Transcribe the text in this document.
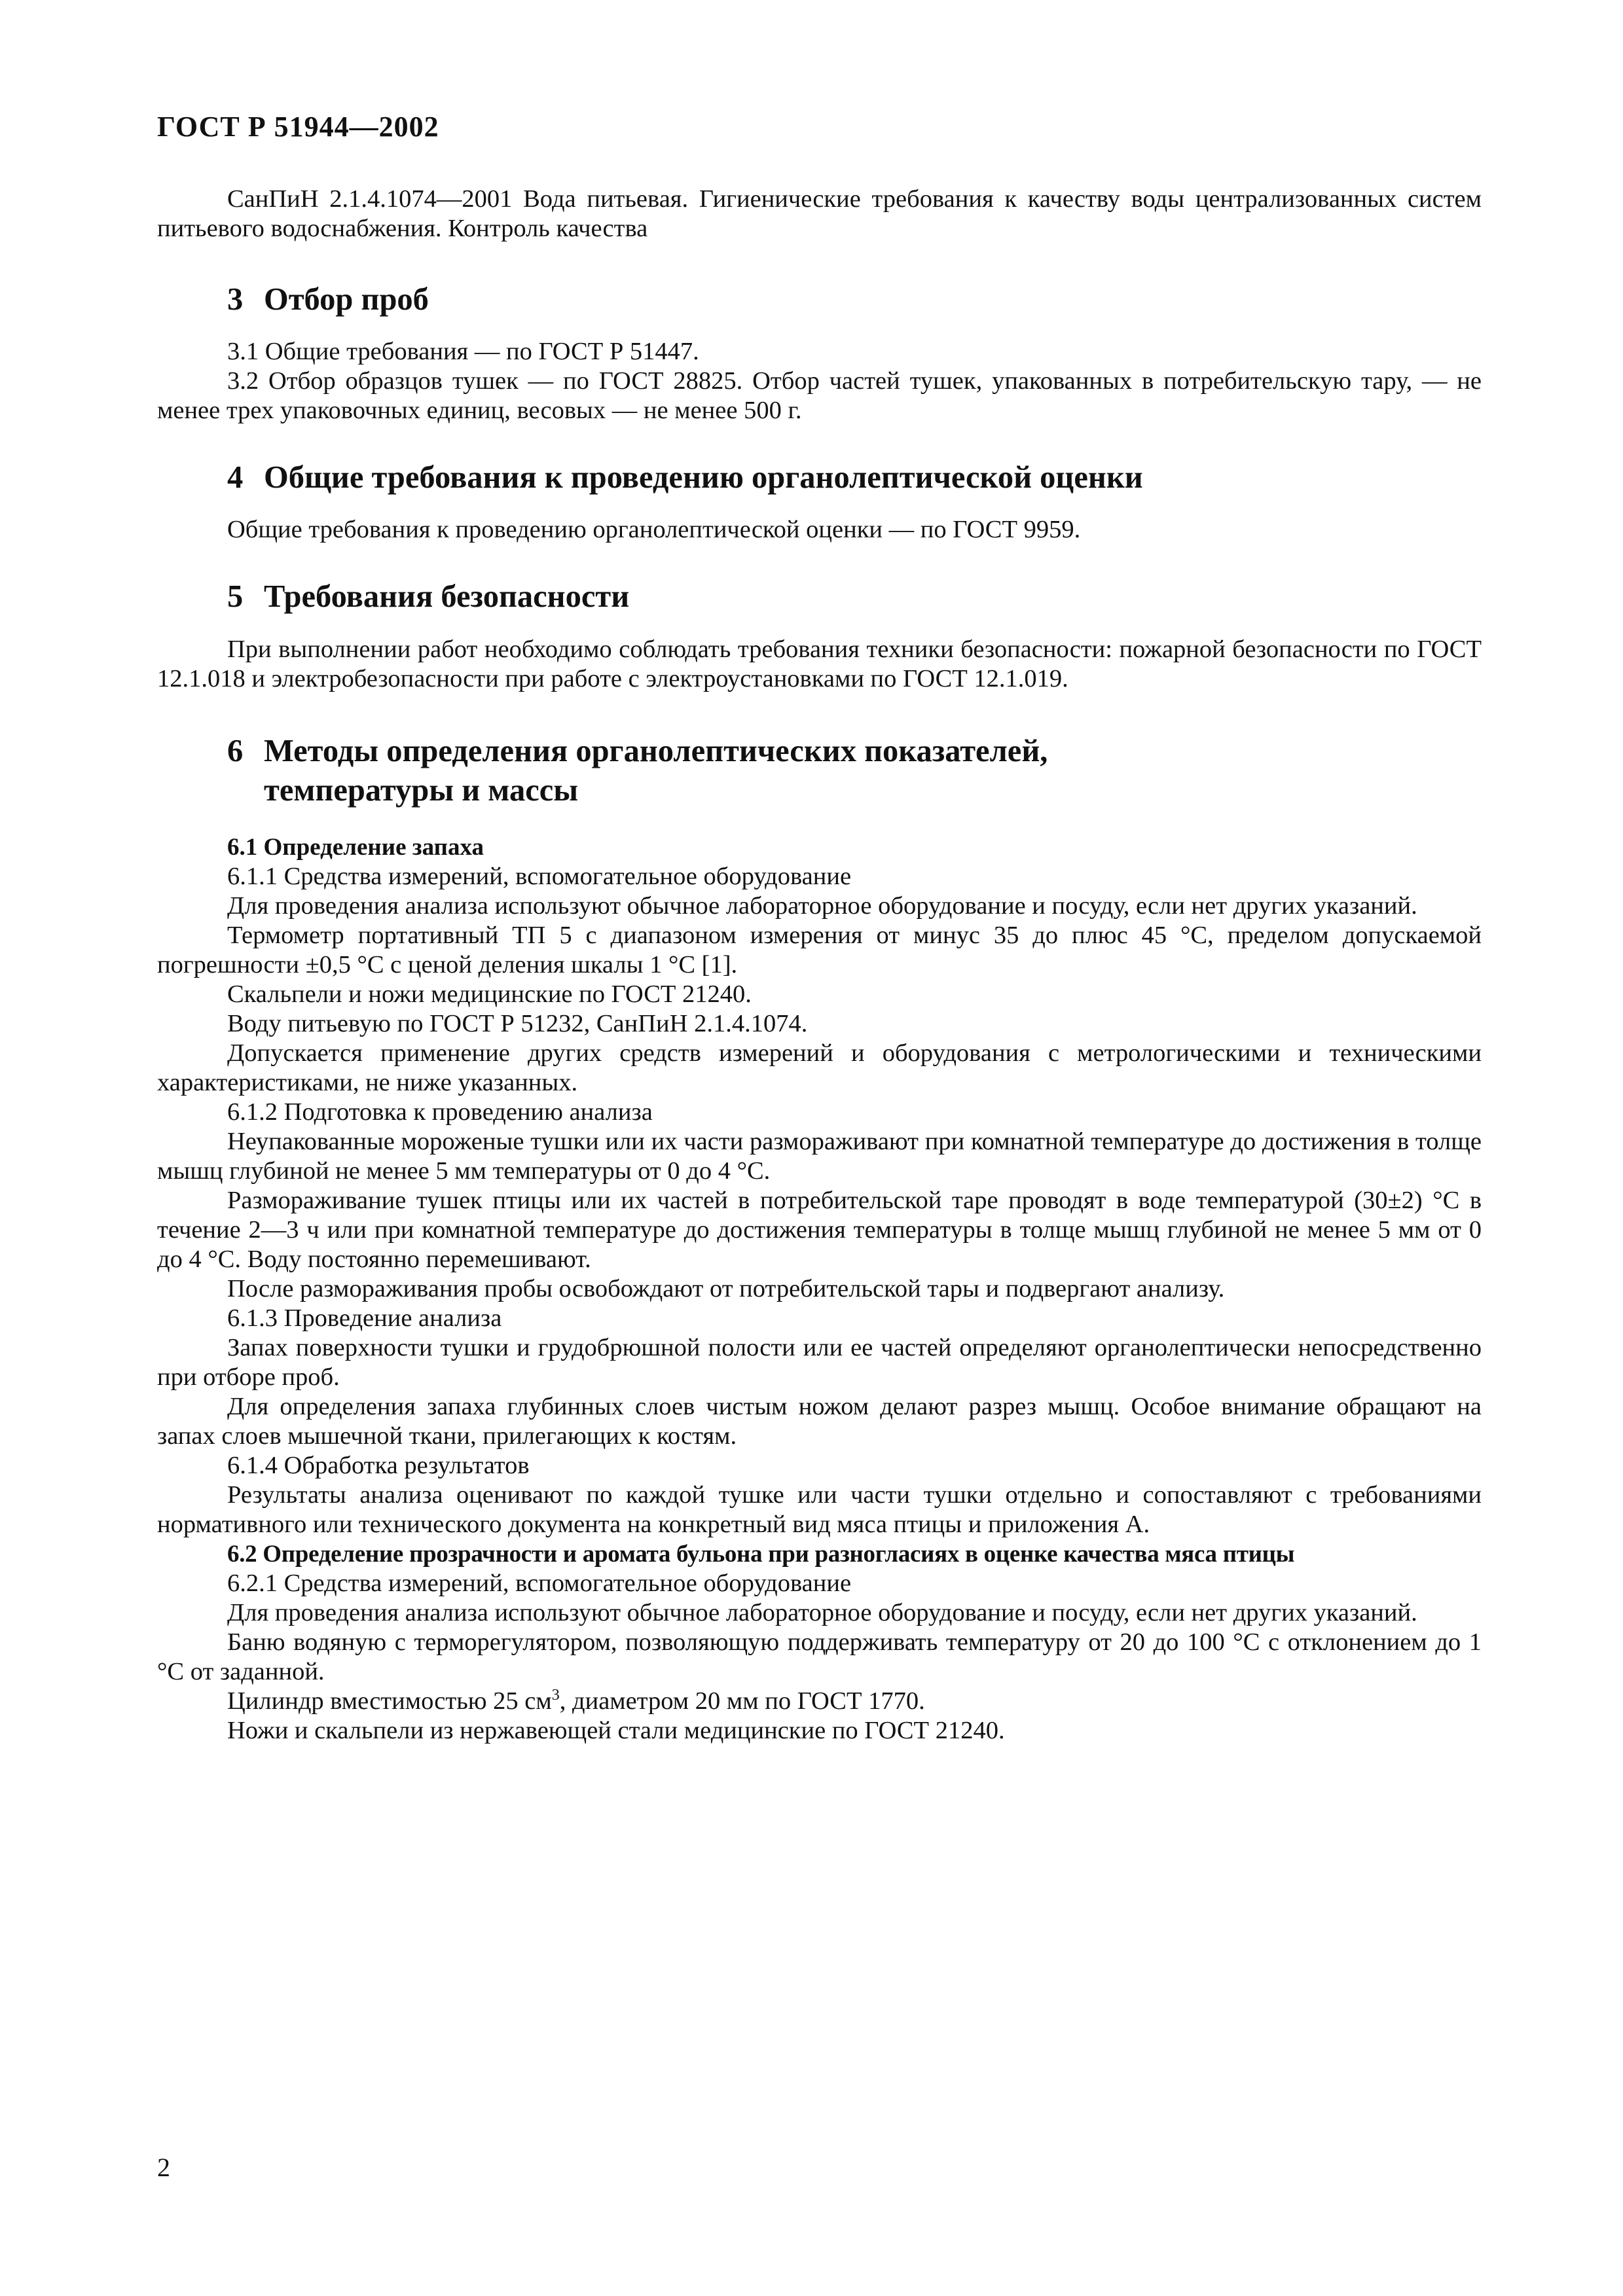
ГОСТ Р 51944—2002

СанПиН 2.1.4.1074—2001 Вода питьевая. Гигиенические требования к качеству воды централизованных систем питьевого водоснабжения. Контроль качества

3 Отбор проб

3.1 Общие требования — по ГОСТ Р 51447.

3.2 Отбор образцов тушек — по ГОСТ 28825. Отбор частей тушек, упакованных в потребительскую тару, — не менее трех упаковочных единиц, весовых — не менее 500 г.

4 Общие требования к проведению органолептической оценки

Общие требования к проведению органолептической оценки — по ГОСТ 9959.

5 Требования безопасности

При выполнении работ необходимо соблюдать требования техники безопасности: пожарной безопасности по ГОСТ 12.1.018 и электробезопасности при работе с электроустановками по ГОСТ 12.1.019.

6 Методы определения органолептических показателей,
температуры и массы
6.1 Определение запаха

6.1.1 Средства измерений, вспомогательное оборудование

Для проведения анализа используют обычное лабораторное оборудование и посуду, если нет других указаний.

Термометр портативный ТП 5 с диапазоном измерения от минус 35 до плюс 45 °С, пределом допускаемой погрешности ±0,5 °С с ценой деления шкалы 1 °С [1].

Скальпели и ножи медицинские по ГОСТ 21240.

Воду питьевую по ГОСТ Р 51232, СанПиН 2.1.4.1074.

Допускается применение других средств измерений и оборудования с метрологическими и техническими характеристиками, не ниже указанных.

6.1.2 Подготовка к проведению анализа

Неупакованные мороженые тушки или их части размораживают при комнатной температуре до достижения в толще мышц глубиной не менее 5 мм температуры от 0 до 4 °С.

Размораживание тушек птицы или их частей в потребительской таре проводят в воде температурой (30±2) °С в течение 2—3 ч или при комнатной температуре до достижения температуры в толще мышц глубиной не менее 5 мм от 0 до 4 °С. Воду постоянно перемешивают.

После размораживания пробы освобождают от потребительской тары и подвергают анализу.

6.1.3 Проведение анализа

Запах поверхности тушки и грудобрюшной полости или ее частей определяют органолептически непосредственно при отборе проб.

Для определения запаха глубинных слоев чистым ножом делают разрез мышц. Особое внимание обращают на запах слоев мышечной ткани, прилегающих к костям.

6.1.4 Обработка результатов

Результаты анализа оценивают по каждой тушке или части тушки отдельно и сопоставляют с требованиями нормативного или технического документа на конкретный вид мяса птицы и приложения А.

6.2 Определение прозрачности и аромата бульона при разногласиях в оценке качества мяса птицы

6.2.1 Средства измерений, вспомогательное оборудование

Для проведения анализа используют обычное лабораторное оборудование и посуду, если нет других указаний.

Баню водяную с терморегулятором, позволяющую поддерживать температуру от 20 до 100 °С с отклонением до 1 °С от заданной.

Цилиндр вместимостью 25 $см^3$, диаметром 20 мм по ГОСТ 1770.

Ножи и скальпели из нержавеющей стали медицинские по ГОСТ 21240.

2
